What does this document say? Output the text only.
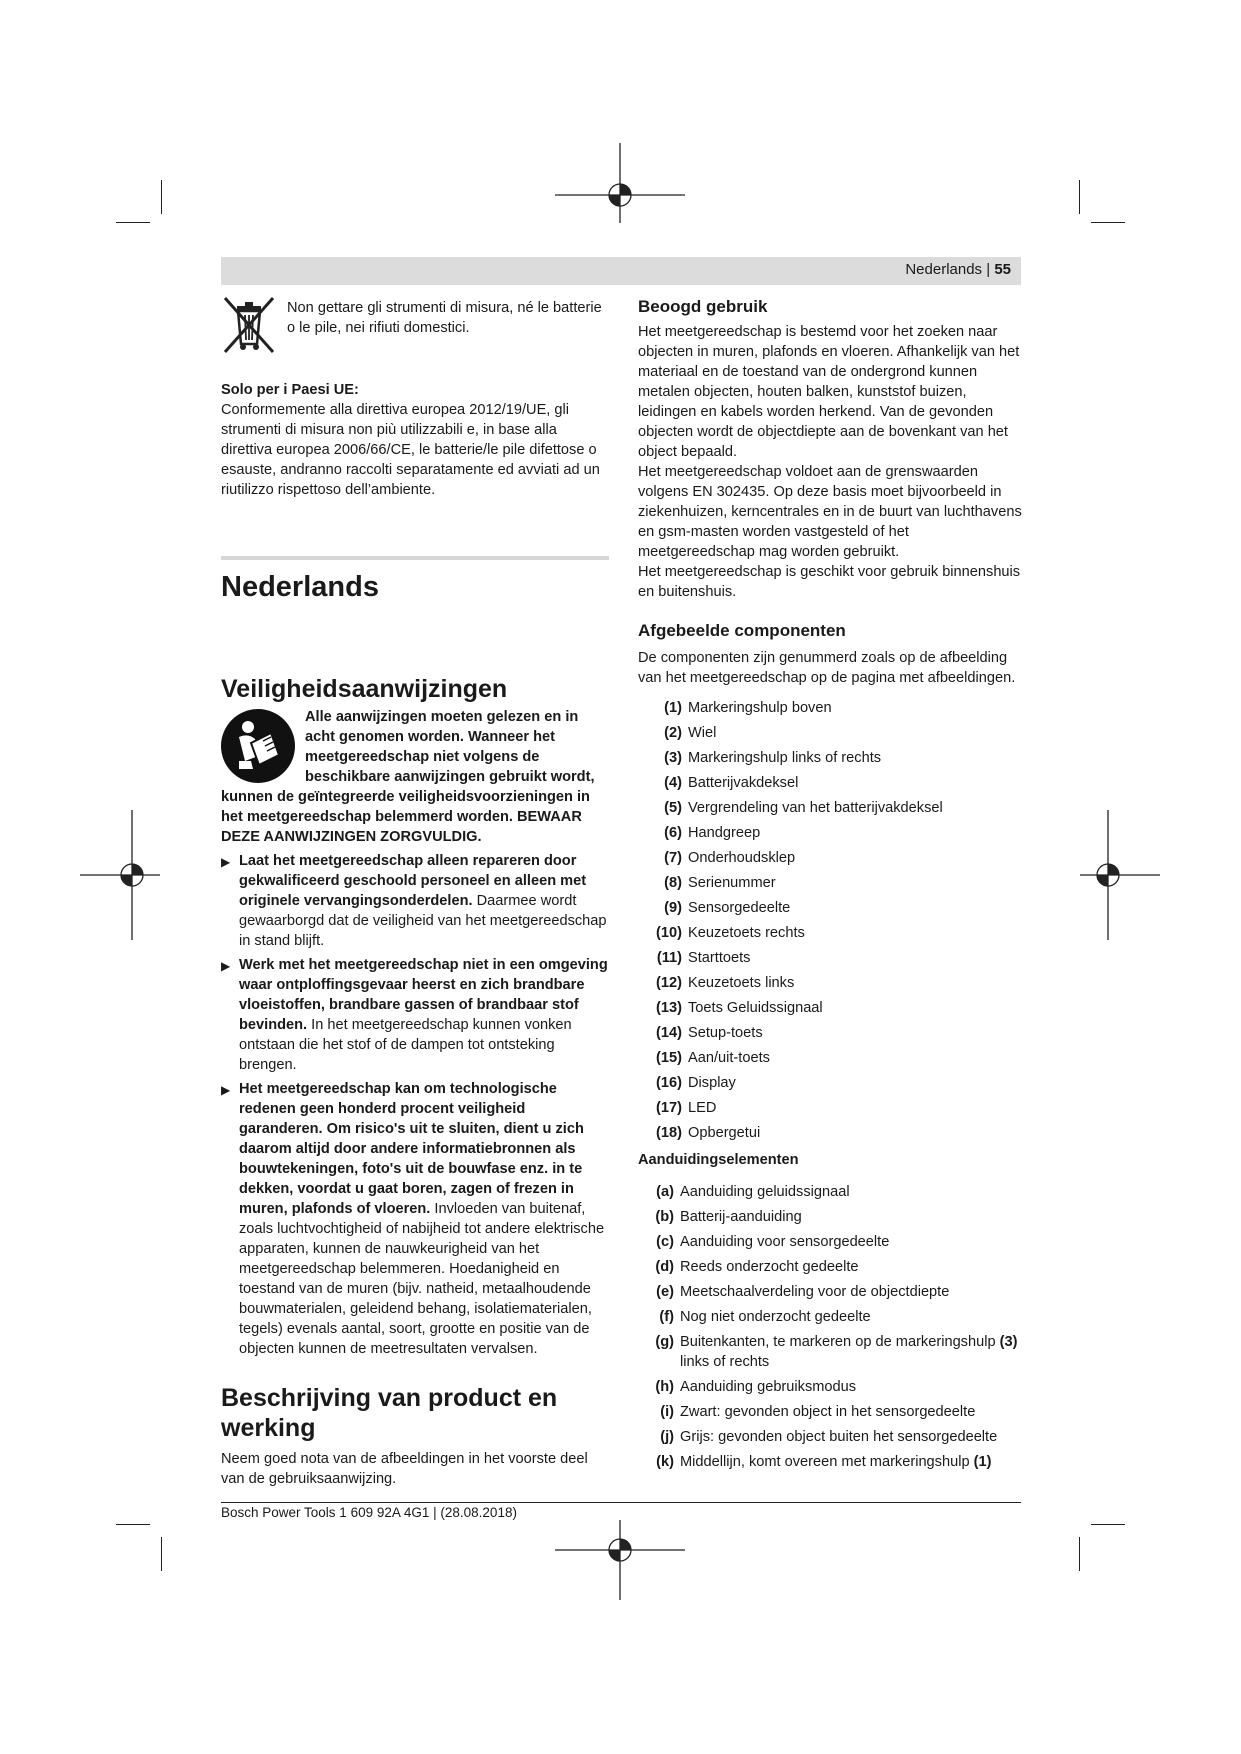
Nederlands | 55

Non gettare gli strumenti di misura, né le batterie o le pile, nei rifiuti domestici.

Solo per i Paesi UE:

Conformemente alla direttiva europea 2012/19/UE, gli strumenti di misura non più utilizzabili e, in base alla direttiva europea 2006/66/CE, le batterie/le pile difettose o esauste, andranno raccolti separatamente ed avviati ad un riutilizzo rispettoso dell’ambiente.

Nederlands
Veiligheidsaanwijzingen

Alle aanwijzingen moeten gelezen en in acht genomen worden. Wanneer het meetgereedschap niet volgens de beschikbare aanwijzingen gebruikt wordt, kunnen de geïntegreerde veiligheidsvoorzieningen in het meetgereedschap belemmerd worden. BEWAAR DEZE AANWIJZINGEN ZORGVULDIG.

▶ Laat het meetgereedschap alleen repareren door gekwalificeerd geschoold personeel en alleen met originele vervangingsonderdelen. Daarmee wordt gewaarborgd dat de veiligheid van het meetgereedschap in stand blijft.

▶ Werk met het meetgereedschap niet in een omgeving waar ontploffingsgevaar heerst en zich brandbare vloeistoffen, brandbare gassen of brandbaar stof bevinden. In het meetgereedschap kunnen vonken ontstaan die het stof of de dampen tot ontsteking brengen.

▶ Het meetgereedschap kan om technologische redenen geen honderd procent veiligheid garanderen. Om risico's uit te sluiten, dient u zich daarom altijd door andere informatiebronnen als bouwtekeningen, foto's uit de bouwfase enz. in te dekken, voordat u gaat boren, zagen of frezen in muren, plafonds of vloeren. Invloeden van buitenaf, zoals luchtvochtigheid of nabijheid tot andere elektrische apparaten, kunnen de nauwkeurigheid van het meetgereedschap belemmeren. Hoedanigheid en toestand van de muren (bijv. natheid, metaalhoudende bouwmaterialen, geleidend behang, isolatiematerialen, tegels) evenals aantal, soort, grootte en positie van de objecten kunnen de meetresultaten vervalsen.

Beschrijving van product en werking

Neem goed nota van de afbeeldingen in het voorste deel van de gebruiksaanwijzing.

Beoogd gebruik

Het meetgereedschap is bestemd voor het zoeken naar objecten in muren, plafonds en vloeren. Afhankelijk van het materiaal en de toestand van de ondergrond kunnen metalen objecten, houten balken, kunststof buizen, leidingen en kabels worden herkend. Van de gevonden objecten wordt de objectdiepte aan de bovenkant van het object bepaald.

Het meetgereedschap voldoet aan de grenswaarden volgens EN 302435. Op deze basis moet bijvoorbeeld in ziekenhuizen, kerncentrales en in de buurt van luchthavens en gsm-masten worden vastgesteld of het meetgereedschap mag worden gebruikt.

Het meetgereedschap is geschikt voor gebruik binnenshuis en buitenshuis.

Afgebeelde componenten

De componenten zijn genummerd zoals op de afbeelding van het meetgereedschap op de pagina met afbeeldingen.

(1) Markeringshulp boven
(2) Wiel
(3) Markeringshulp links of rechts
(4) Batterijvakdeksel
(5) Vergrendeling van het batterijvakdeksel
(6) Handgreep
(7) Onderhoudsklep
(8) Serienummer
(9) Sensorgedeelte
(10) Keuzetoets rechts
(11) Starttoets
(12) Keuzetoets links
(13) Toets Geluidssignaal
(14) Setup-toets
(15) Aan/uit-toets
(16) Display
(17) LED
(18) Opbergetui
Aanduidingselementen
(a) Aanduiding geluidssignaal
(b) Batterij-aanduiding
(c) Aanduiding voor sensorgedeelte
(d) Reeds onderzocht gedeelte
(e) Meetschaalverdeling voor de objectdiepte
(f) Nog niet onderzocht gedeelte
(g) Buitenkanten, te markeren op de markeringshulp (3) links of rechts
(h) Aanduiding gebruiksmodus
(i) Zwart: gevonden object in het sensorgedeelte
(j) Grijs: gevonden object buiten het sensorgedeelte
(k) Middellijn, komt overeen met markeringshulp (1)
Bosch Power Tools 1 609 92A 4G1 | (28.08.2018)
